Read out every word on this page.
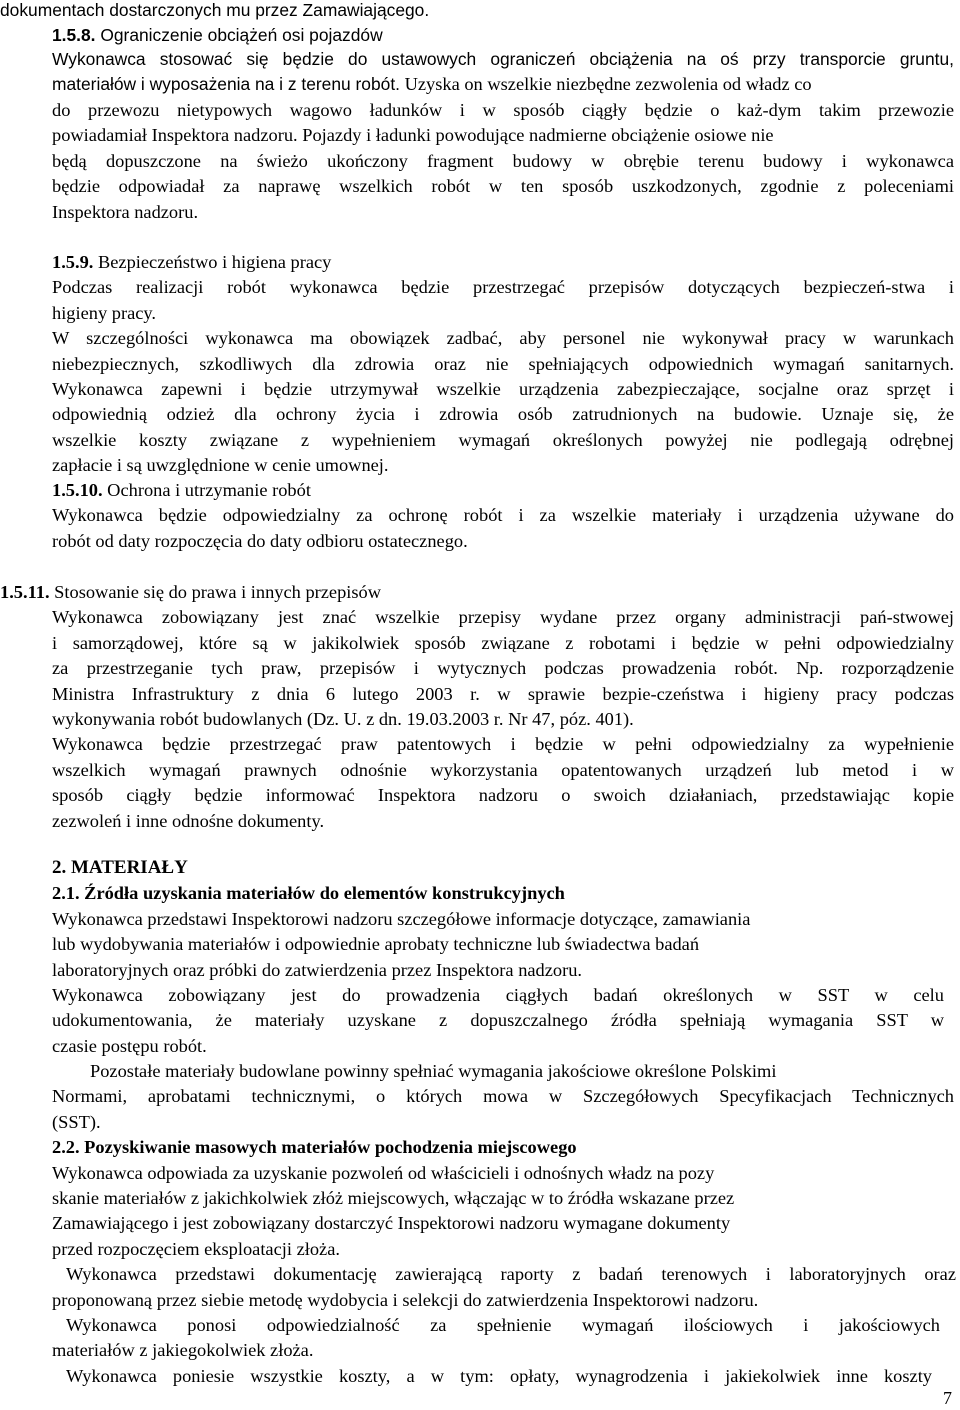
dokumentach dostarczonych mu przez Zamawiającego.
1.5.8. Ograniczenie obciążeń osi pojazdów
Wykonawca stosować się będzie do ustawowych ograniczeń obciążenia na oś przy transporcie gruntu,
materiałów i wyposażenia na i z terenu robót. Uzyska on wszelkie niezbędne zezwolenia od władz co
do przewozu nietypowych wagowo ładunków i w sposób ciągły będzie o każ-dym takim przewozie
powiadamiał Inspektora nadzoru. Pojazdy i ładunki powodujące nadmierne obciążenie osiowe nie
będą dopuszczone na świeżo ukończony fragment budowy w obrębie terenu budowy i wykonawca
będzie odpowiadał za naprawę wszelkich robót w ten sposób uszkodzonych, zgodnie z poleceniami
Inspektora nadzoru.
1.5.9. Bezpieczeństwo i higiena pracy
Podczas realizacji robót wykonawca będzie przestrzegać przepisów dotyczących bezpieczeń-stwa i
higieny pracy.
W szczególności wykonawca ma obowiązek zadbać, aby personel nie wykonywał pracy w warunkach
niebezpiecznych, szkodliwych dla zdrowia oraz nie spełniających odpowiednich wymagań sanitarnych.
Wykonawca zapewni i będzie utrzymywał wszelkie urządzenia zabezpieczające, socjalne oraz sprzęt i
odpowiednią odzież dla ochrony życia i zdrowia osób zatrudnionych na budowie. Uznaje się, że
wszelkie koszty związane z wypełnieniem wymagań określonych powyżej nie podlegają odrębnej
zapłacie i są uwzględnione w cenie umownej.
1.5.10. Ochrona i utrzymanie robót
Wykonawca będzie odpowiedzialny za ochronę robót i za wszelkie materiały i urządzenia używane do
robót od daty rozpoczęcia do daty odbioru ostatecznego.
1.5.11. Stosowanie się do prawa i innych przepisów
Wykonawca zobowiązany jest znać wszelkie przepisy wydane przez organy administracji pań-stwowej
i samorządowej, które są w jakikolwiek sposób związane z robotami i będzie w pełni odpowiedzialny
za przestrzeganie tych praw, przepisów i wytycznych podczas prowadzenia robót. Np. rozporządzenie
Ministra Infrastruktury z dnia 6 lutego 2003 r. w sprawie bezpie-czeństwa i higieny pracy podczas
wykonywania robót budowlanych (Dz. U. z dn. 19.03.2003 r. Nr 47, póz. 401).
Wykonawca będzie przestrzegać praw patentowych i będzie w pełni odpowiedzialny za wypełnienie
wszelkich wymagań prawnych odnośnie wykorzystania opatentowanych urządzeń lub metod i w
sposób ciągły będzie informować Inspektora nadzoru o swoich działaniach, przedstawiając kopie
zezwoleń i inne odnośne dokumenty.
2. MATERIAŁY
2.1. Źródła uzyskania materiałów do elementów konstrukcyjnych
Wykonawca przedstawi Inspektorowi nadzoru szczegółowe informacje dotyczące, zamawiania
lub wydobywania materiałów i odpowiednie aprobaty techniczne lub świadectwa badań
laboratoryjnych oraz próbki do zatwierdzenia przez Inspektora nadzoru.
Wykonawca zobowiązany jest do prowadzenia ciągłych badań określonych w SST w celu
udokumentowania, że materiały uzyskane z dopuszczalnego źródła spełniają wymagania SST w
czasie postępu robót.
Pozostałe materiały budowlane powinny spełniać wymagania jakościowe określone Polskimi
Normami, aprobatami technicznymi, o których mowa w Szczegółowych Specyfikacjach Technicznych
(SST).
2.2. Pozyskiwanie masowych materiałów pochodzenia miejscowego
Wykonawca odpowiada za uzyskanie pozwoleń od właścicieli i odnośnych władz na pozy
skanie materiałów z jakichkolwiek złóż miejscowych, włączając w to źródła wskazane przez
Zamawiającego i jest zobowiązany dostarczyć Inspektorowi nadzoru wymagane dokumenty
przed rozpoczęciem eksploatacji złoża.
Wykonawca przedstawi dokumentację zawierającą raporty z badań terenowych i laboratoryjnych oraz
proponowaną przez siebie metodę wydobycia i selekcji do zatwierdzenia Inspektorowi nadzoru.
Wykonawca ponosi odpowiedzialność za spełnienie wymagań ilościowych i jakościowych
materiałów z jakiegokolwiek złoża.
Wykonawca poniesie wszystkie koszty, a w tym: opłaty, wynagrodzenia i jakiekolwiek inne koszty
7
